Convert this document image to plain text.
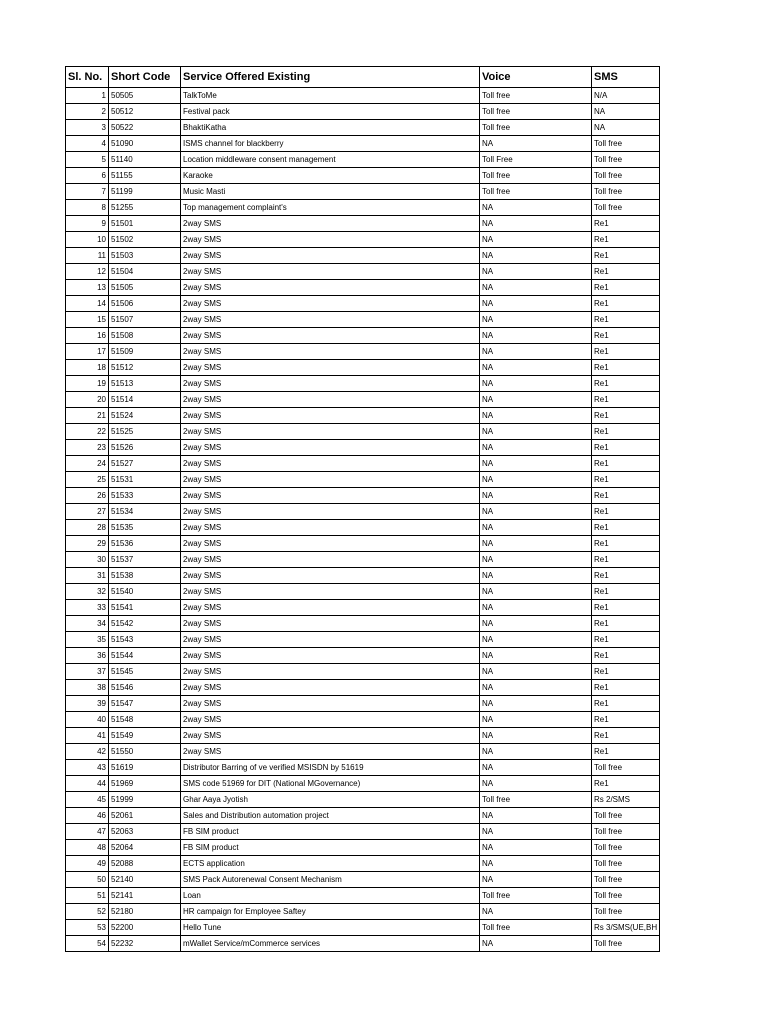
Sl. No.	Short Code	Service Offered Existing	Voice	SMS
1	50505	TalkToMe	Toll free	N/A
2	50512	Festival pack	Toll free	NA
3	50522	BhaktiKatha	Toll free	NA
4	51090	ISMS channel for blackberry	NA	Toll free
5	51140	Location middleware consent management	Toll Free	Toll free
6	51155	Karaoke	Toll free	Toll free
7	51199	Music Masti	Toll free	Toll free
8	51255	Top management complaint's	NA	Toll free
9	51501	2way SMS	NA	Re1
10	51502	2way SMS	NA	Re1
11	51503	2way SMS	NA	Re1
12	51504	2way SMS	NA	Re1
13	51505	2way SMS	NA	Re1
14	51506	2way SMS	NA	Re1
15	51507	2way SMS	NA	Re1
16	51508	2way SMS	NA	Re1
17	51509	2way SMS	NA	Re1
18	51512	2way SMS	NA	Re1
19	51513	2way SMS	NA	Re1
20	51514	2way SMS	NA	Re1
21	51524	2way SMS	NA	Re1
22	51525	2way SMS	NA	Re1
23	51526	2way SMS	NA	Re1
24	51527	2way SMS	NA	Re1
25	51531	2way SMS	NA	Re1
26	51533	2way SMS	NA	Re1
27	51534	2way SMS	NA	Re1
28	51535	2way SMS	NA	Re1
29	51536	2way SMS	NA	Re1
30	51537	2way SMS	NA	Re1
31	51538	2way SMS	NA	Re1
32	51540	2way SMS	NA	Re1
33	51541	2way SMS	NA	Re1
34	51542	2way SMS	NA	Re1
35	51543	2way SMS	NA	Re1
36	51544	2way SMS	NA	Re1
37	51545	2way SMS	NA	Re1
38	51546	2way SMS	NA	Re1
39	51547	2way SMS	NA	Re1
40	51548	2way SMS	NA	Re1
41	51549	2way SMS	NA	Re1
42	51550	2way SMS	NA	Re1
43	51619	Distributor Barring of ve verified MSISDN by 51619	NA	Toll free
44	51969	SMS code 51969 for DIT (National MGovernance)	NA	Re1
45	51999	Ghar Aaya Jyotish	Toll free	Rs 2/SMS
46	52061	Sales and Distribution automation project	NA	Toll free
47	52063	FB SIM product	NA	Toll free
48	52064	FB SIM product	NA	Toll free
49	52088	ECTS application	NA	Toll free
50	52140	SMS Pack Autorenewal Consent Mechanism	NA	Toll free
51	52141	Loan	Toll free	Toll free
52	52180	HR campaign for Employee Saftey	NA	Toll free
53	52200	Hello Tune	Toll free	Rs 3/SMS(UE,BH
54	52232	mWallet Service/mCommerce services	NA	Toll free
